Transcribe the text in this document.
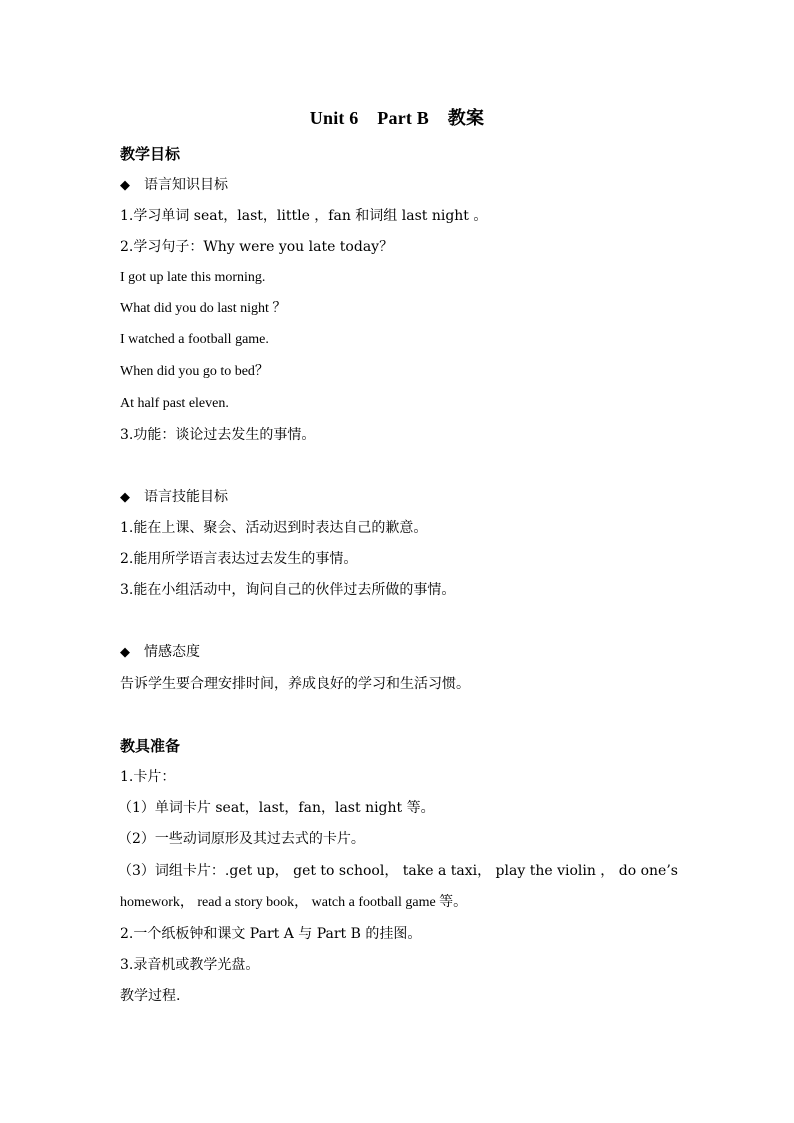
Unit 6    Part B    教案
教学目标
◆ 语言知识目标
1.学习单词 seat，last，little ，fan 和词组 last night 。
2.学习句子：Why were you late today？
I got up late this morning.
What did you do last night ？
I watched a football game.
When did you go to bed？
At half past eleven.
3.功能：谈论过去发生的事情。
◆ 语言技能目标
1.能在上课、聚会、活动迟到时表达自己的歉意。
2.能用所学语言表达过去发生的事情。
3.能在小组活动中，询问自己的伙伴过去所做的事情。
◆ 情感态度
告诉学生要合理安排时间，养成良好的学习和生活习惯。
教具准备
1.卡片：
（1）单词卡片 seat，last，fan，last night 等。
（2）一些动词原形及其过去式的卡片。
（3）词组卡片：.get up， get to school， take a taxi， play the violin ， do one’s
homework， read a story book， watch a football game 等。
2.一个纸板钟和课文 Part A 与 Part B 的挂图。
3.录音机或教学光盘。
教学过程.
